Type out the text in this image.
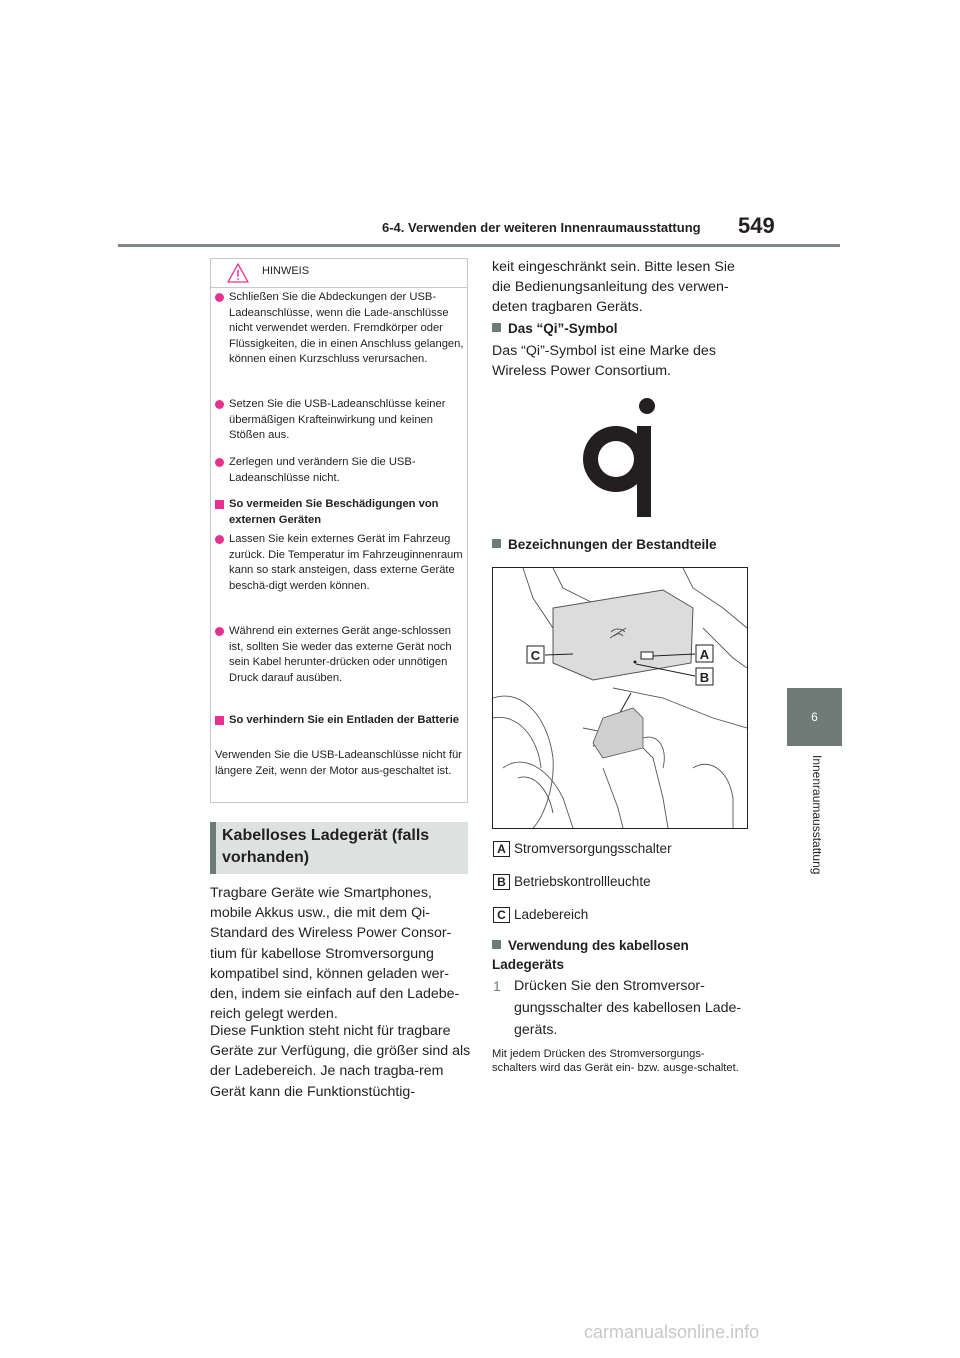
6-4. Verwenden der weiteren Innenraumausstattung 549
6
Innenraumausstattung
HINWEIS
Schließen Sie die Abdeckungen der USB-Ladeanschlüsse, wenn die Lade-anschlüsse nicht verwendet werden. Fremdkörper oder Flüssigkeiten, die in einen Anschluss gelangen, können einen Kurzschluss verursachen.
Setzen Sie die USB-Ladeanschlüsse keiner übermäßigen Krafteinwirkung und keinen Stößen aus.
Zerlegen und verändern Sie die USB-Ladeanschlüsse nicht.
So vermeiden Sie Beschädigungen von externen Geräten
Lassen Sie kein externes Gerät im Fahrzeug zurück. Die Temperatur im Fahrzeuginnenraum kann so stark ansteigen, dass externe Geräte beschä-digt werden können.
Während ein externes Gerät ange-schlossen ist, sollten Sie weder das externe Gerät noch sein Kabel herunter-drücken oder unnötigen Druck darauf ausüben.
So verhindern Sie ein Entladen der Batterie
Verwenden Sie die USB-Ladeanschlüsse nicht für längere Zeit, wenn der Motor aus-geschaltet ist.
Kabelloses Ladegerät (falls vorhanden)
Tragbare Geräte wie Smartphones, mobile Akkus usw., die mit dem Qi-Standard des Wireless Power Consor-tium für kabellose Stromversorgung kompatibel sind, können geladen wer-den, indem sie einfach auf den Ladebe-reich gelegt werden.
Diese Funktion steht nicht für tragbare Geräte zur Verfügung, die größer sind als der Ladebereich. Je nach tragba-rem Gerät kann die Funktionstüchtig-
keit eingeschränkt sein. Bitte lesen Sie die Bedienungsanleitung des verwen-deten tragbaren Geräts.
Das “Qi”-Symbol
Das “Qi”-Symbol ist eine Marke des Wireless Power Consortium.
Bezeichnungen der Bestandteile
C	A
B
A Stromversorgungsschalter
B Betriebskontrollleuchte
C Ladebereich
Verwendung des kabellosen Ladegeräts
1 Drücken Sie den Stromversor-gungsschalter des kabellosen Lade-geräts.
Mit jedem Drücken des Stromversorgungs-schalters wird das Gerät ein- bzw. ausge-schaltet.
carmanualsonline.info
